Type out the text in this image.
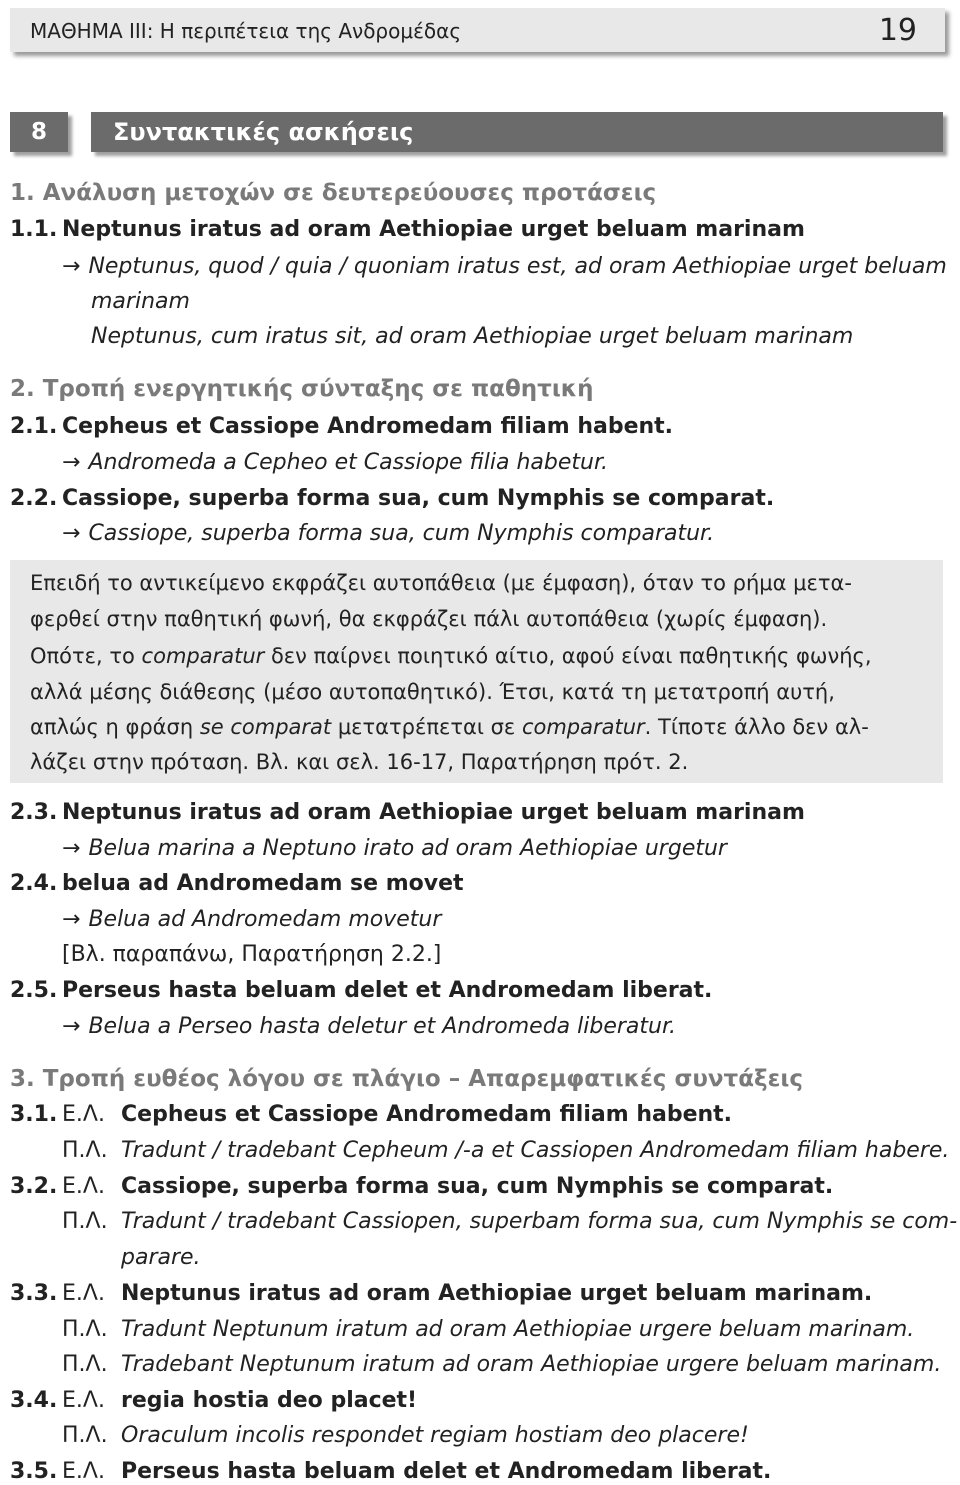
ΜΑΘΗΜΑ ΙΙΙ: Η περιπέτεια της Ανδρομέδας	19
8	Συντακτικές ασκήσεις
1. Ανάλυση μετοχών σε δευτερεύουσες προτάσεις
1.1. Neptunus iratus ad oram Aethiopiae urget beluam marinam
→ Neptunus, quod / quia / quoniam iratus est, ad oram Aethiopiae urget beluam
marinam
Neptunus, cum iratus sit, ad oram Aethiopiae urget beluam marinam
2. Τροπή ενεργητικής σύνταξης σε παθητική
2.1. Cepheus et Cassiope Andromedam filiam habent.
→ Andromeda a Cepheo et Cassiope filia habetur.
2.2. Cassiope, superba forma sua, cum Nymphis se comparat.
→ Cassiope, superba forma sua, cum Nymphis comparatur.
Επειδή το αντικείμενο εκφράζει αυτοπάθεια (με έμφαση), όταν το ρήμα μετα-
φερθεί στην παθητική φωνή, θα εκφράζει πάλι αυτοπάθεια (χωρίς έμφαση).
Οπότε, το comparatur δεν παίρνει ποιητικό αίτιο, αφού είναι παθητικής φωνής,
αλλά μέσης διάθεσης (μέσο αυτοπαθητικό). Έτσι, κατά τη μετατροπή αυτή,
απλώς η φράση se comparat μετατρέπεται σε comparatur. Τίποτε άλλο δεν αλ-
λάζει στην πρόταση. Βλ. και σελ. 16-17, Παρατήρηση πρότ. 2.
2.3. Neptunus iratus ad oram Aethiopiae urget beluam marinam
→ Belua marina a Neptuno irato ad oram Aethiopiae urgetur
2.4. belua ad Andromedam se movet
→ Belua ad Andromedam movetur
[Βλ. παραπάνω, Παρατήρηση 2.2.]
2.5. Perseus hasta beluam delet et Andromedam liberat.
→ Belua a Perseo hasta deletur et Andromeda liberatur.
3. Τροπή ευθέος λόγου σε πλάγιο – Απαρεμφατικές συντάξεις
3.1. Ε.Λ. Cepheus et Cassiope Andromedam filiam habent.
Π.Λ. Tradunt / tradebant Cepheum /-a et Cassiopen Andromedam filiam habere.
3.2. Ε.Λ. Cassiope, superba forma sua, cum Nymphis se comparat.
Π.Λ. Tradunt / tradebant Cassiopen, superbam forma sua, cum Nymphis se com-
parare.
3.3. Ε.Λ. Neptunus iratus ad oram Aethiopiae urget beluam marinam.
Π.Λ. Tradunt Neptunum iratum ad oram Aethiopiae urgere beluam marinam.
Π.Λ. Tradebant Neptunum iratum ad oram Aethiopiae urgere beluam marinam.
3.4. Ε.Λ. regia hostia deo placet!
Π.Λ. Oraculum incolis respondet regiam hostiam deo placere!
3.5. Ε.Λ. Perseus hasta beluam delet et Andromedam liberat.
